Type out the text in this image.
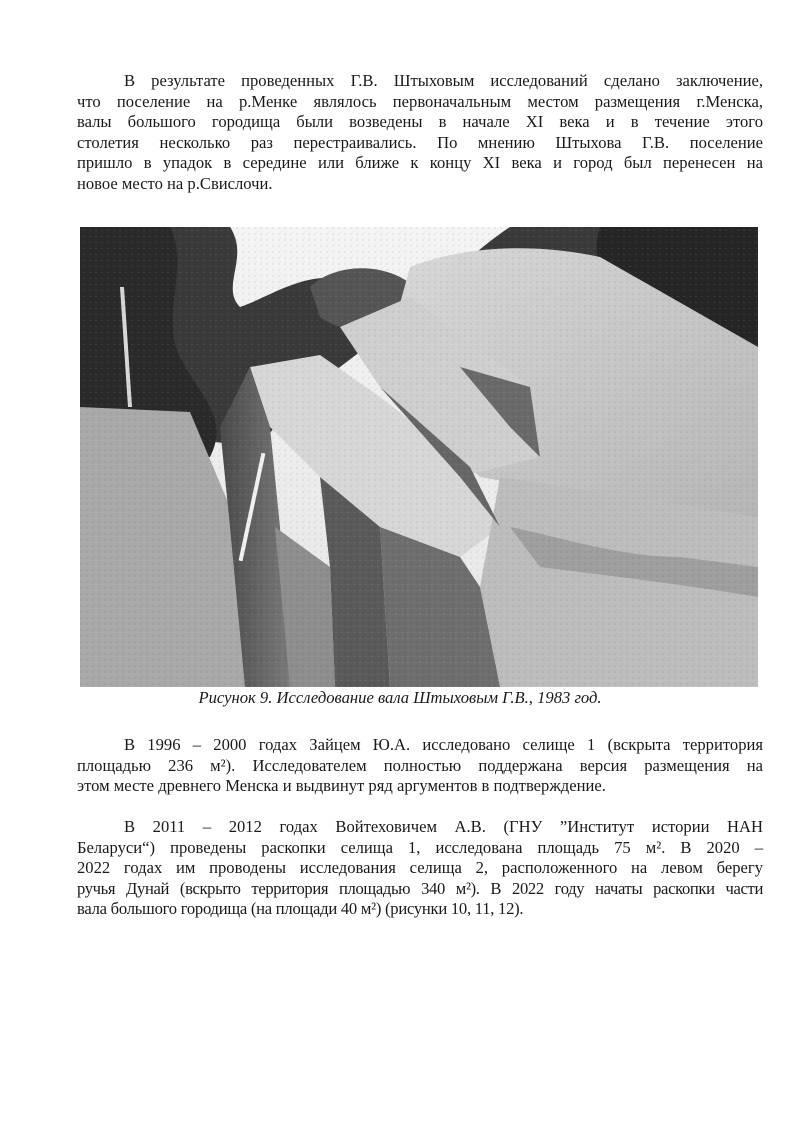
В результате проведенных Г.В. Штыховым исследований сделано заключение,
что поселение на р.Менке являлось первоначальным местом размещения г.Менска,
валы большого городища были возведены в начале XI века и в течение этого
столетия несколько раз перестраивались. По мнению Штыхова Г.В. поселение
пришло в упадок в середине или ближе к концу XI века и город был перенесен на
новое место на р.Свислочи.
Рисунок 9. Исследование вала Штыховым Г.В., 1983 год.
В 1996 – 2000 годах Зайцем Ю.А. исследовано селище 1 (вскрыта территория
площадью 236 м²). Исследователем полностью поддержана версия размещения на
этом месте древнего Менска и выдвинут ряд аргументов в подтверждение.
В 2011 – 2012 годах Войтеховичем А.В. (ГНУ ”Институт истории НАН
Беларуси“) проведены раскопки селища 1, исследована площадь 75 м². В 2020 –
2022 годах им проводены исследования селища 2, расположенного на левом берегу
ручья Дунай (вскрыто территория площадью 340 м²). В 2022 году начаты раскопки части
вала большого городища (на площади 40 м²) (рисунки 10, 11, 12).
